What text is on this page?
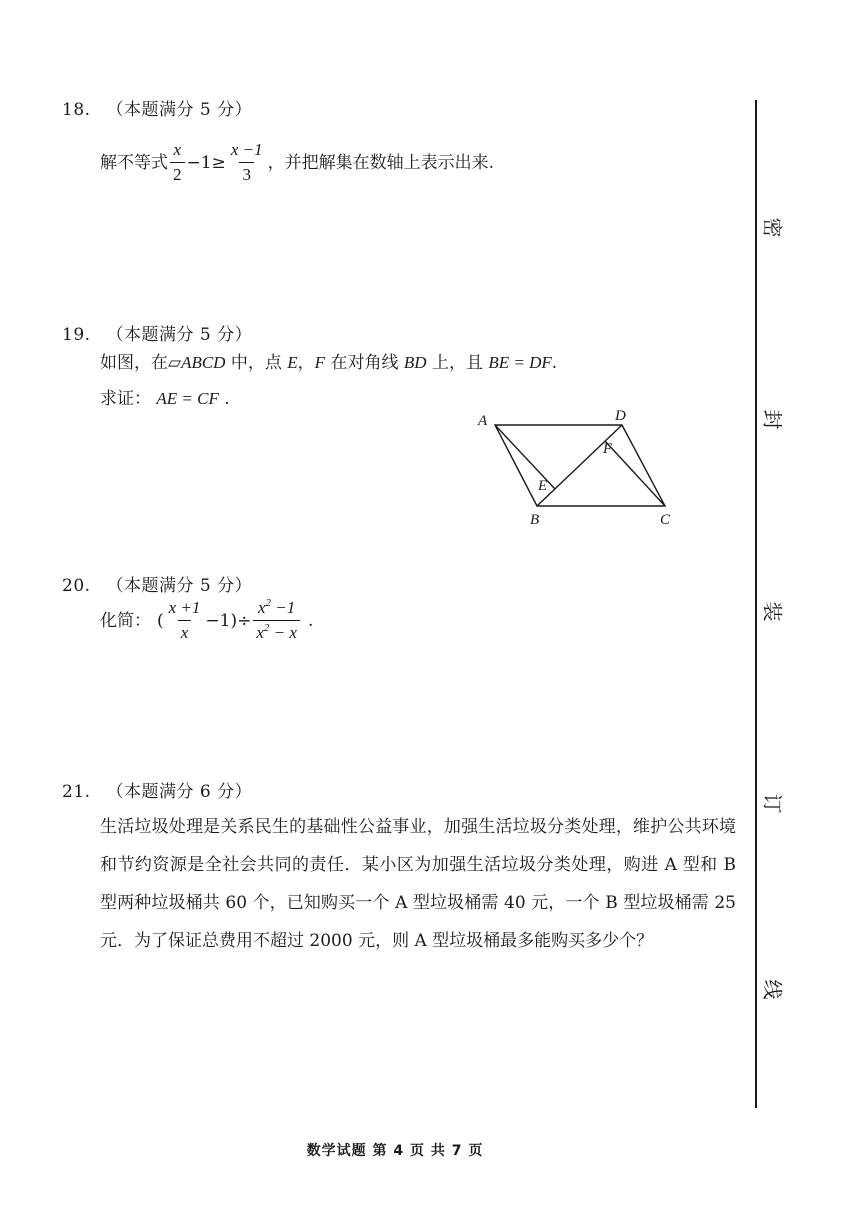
18. （本题满分 5 分）
解不等式 $\frac{x}{2} -1\ge \frac{x -1}{3}$ ，并把解集在数轴上表示出来.
19. （本题满分 5 分）
如图，在▱ABCD 中，点 E，F 在对角线 BD 上，且 BE = DF.
求证： AE = CF .
A	D
F
E
B	C
20. （本题满分 5 分）
化简： ( $\frac{x +1}{x} -1)\div \frac{x^2 -1}{x^2 - x}$ .
21. （本题满分 6 分）
生活垃圾处理是关系民生的基础性公益事业，加强生活垃圾分类处理，维护公共环境和节约资源是全社会共同的责任．某小区为加强生活垃圾分类处理，购进 A 型和 B 型两种垃圾桶共 60 个，已知购买一个 A 型垃圾桶需 40 元，一个 B 型垃圾桶需 25 元．为了保证总费用不超过 2000 元，则 A 型垃圾桶最多能购买多少个？
密
封
装
订
线
数学试题 第 4 页 共 7 页
